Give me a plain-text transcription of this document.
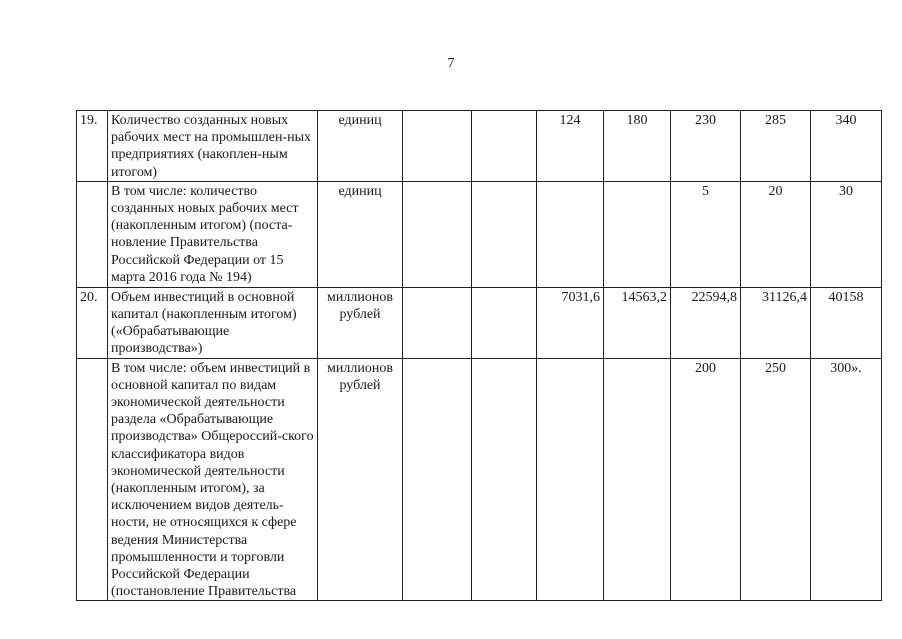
7
19.	Количество созданных новых рабочих мест на промышлен-ных предприятиях (накоплен-ным итогом)	единиц			124	180	230	285	340
	В том числе: количество созданных новых рабочих мест (накопленным итогом) (поста-новление Правительства Российской Федерации от 15 марта 2016 года № 194)	единиц					5	20	30
20.	Объем инвестиций в основной капитал (накопленным итогом) («Обрабатывающие производства»)	миллионов рублей			7031,6	14563,2	22594,8	31126,4	40158
	В том числе: объем инвестиций в основной капитал по видам экономической деятельности раздела «Обрабатывающие производства» Общероссий-ского классификатора видов экономической деятельности (накопленным итогом), за исключением видов деятель-ности, не относящихся к сфере ведения Министерства промышленности и торговли Российской Федерации (постановление Правительства	миллионов рублей					200	250	300».
